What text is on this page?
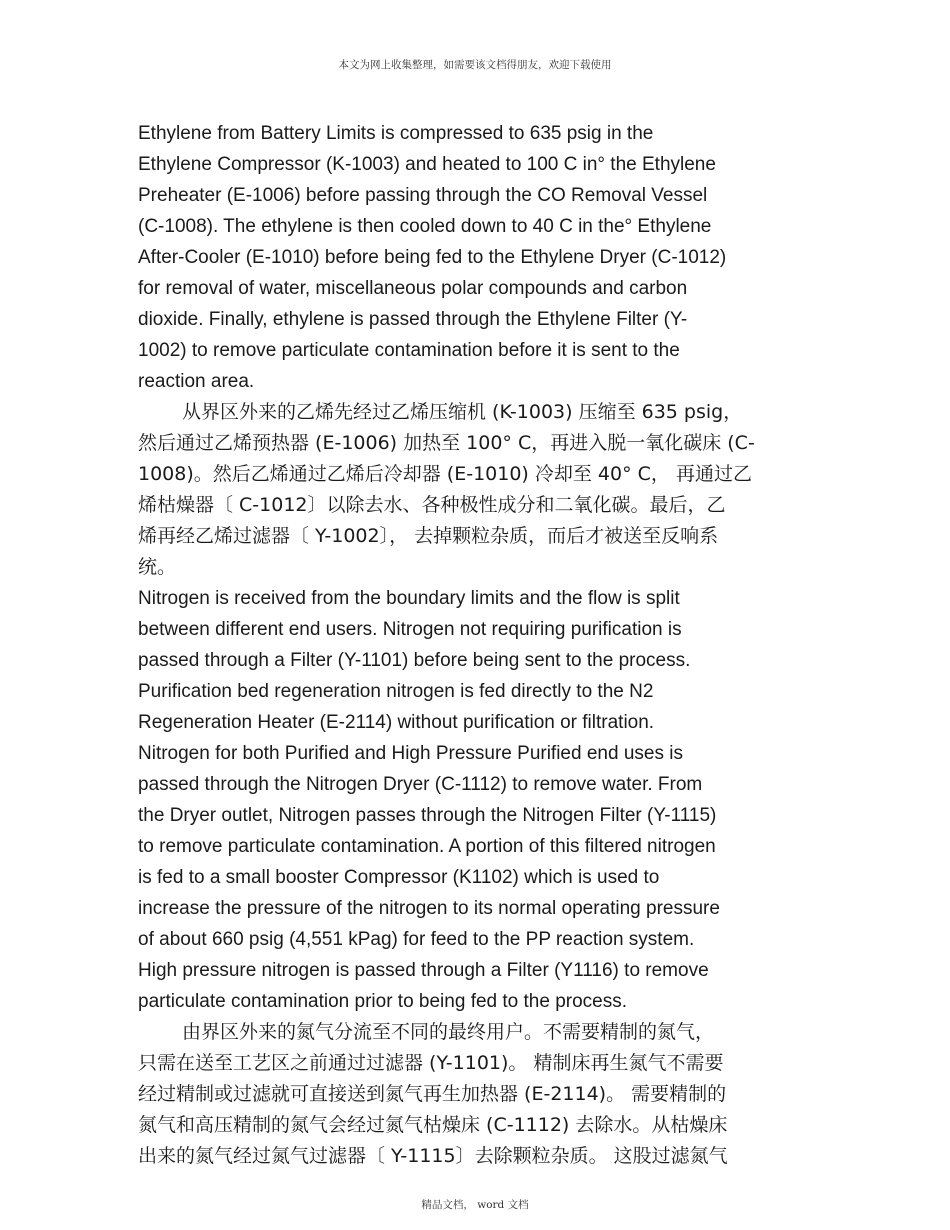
本文为网上收集整理，如需要该文档得朋友，欢迎下载使用
Ethylene from Battery Limits is compressed to 635 psig in the
Ethylene Compressor (K-1003) and heated to 100 C in° the Ethylene
Preheater (E-1006) before passing through the CO Removal Vessel
(C-1008). The ethylene is then cooled down to 40 C in the° Ethylene
After-Cooler (E-1010) before being fed to the Ethylene Dryer (C-1012)
for removal of water, miscellaneous polar compounds and carbon
dioxide. Finally, ethylene is passed through the Ethylene Filter (Y-
1002) to remove particulate contamination before it is sent to the
reaction area.
从界区外来的乙烯先经过乙烯压缩机 (K-1003) 压缩至 635 psig，
然后通过乙烯预热器 (E-1006) 加热至 100° C，再进入脱一氧化碳床 (C-
1008)。然后乙烯通过乙烯后冷却器 (E-1010) 冷却至 40° C， 再通过乙
烯枯燥器〔 C-1012〕以除去水、各种极性成分和二氧化碳。最后，乙
烯再经乙烯过滤器〔 Y-1002〕， 去掉颗粒杂质，而后才被送至反响系
统。
Nitrogen is received from the boundary limits and the flow is split
between different end users. Nitrogen not requiring purification is
passed through a Filter (Y-1101) before being sent to the process.
Purification bed regeneration nitrogen is fed directly to the N2
Regeneration Heater (E-2114) without purification or filtration.
Nitrogen for both Purified and High Pressure Purified end uses is
passed through the Nitrogen Dryer (C-1112) to remove water. From
the Dryer outlet, Nitrogen passes through the Nitrogen Filter (Y-1115)
to remove particulate contamination. A portion of this filtered nitrogen
is fed to a small booster Compressor (K1102) which is used to
increase the pressure of the nitrogen to its normal operating pressure
of about 660 psig (4,551 kPag) for feed to the PP reaction system.
High pressure nitrogen is passed through a Filter (Y1116) to remove
particulate contamination prior to being fed to the process.
由界区外来的氮气分流至不同的最终用户。不需要精制的氮气，
只需在送至工艺区之前通过过滤器 (Y-1101)。 精制床再生氮气不需要
经过精制或过滤就可直接送到氮气再生加热器 (E-2114)。 需要精制的
氮气和高压精制的氮气会经过氮气枯燥床 (C-1112) 去除水。从枯燥床
出来的氮气经过氮气过滤器〔 Y-1115〕去除颗粒杂质。 这股过滤氮气
精品文档， word 文档
